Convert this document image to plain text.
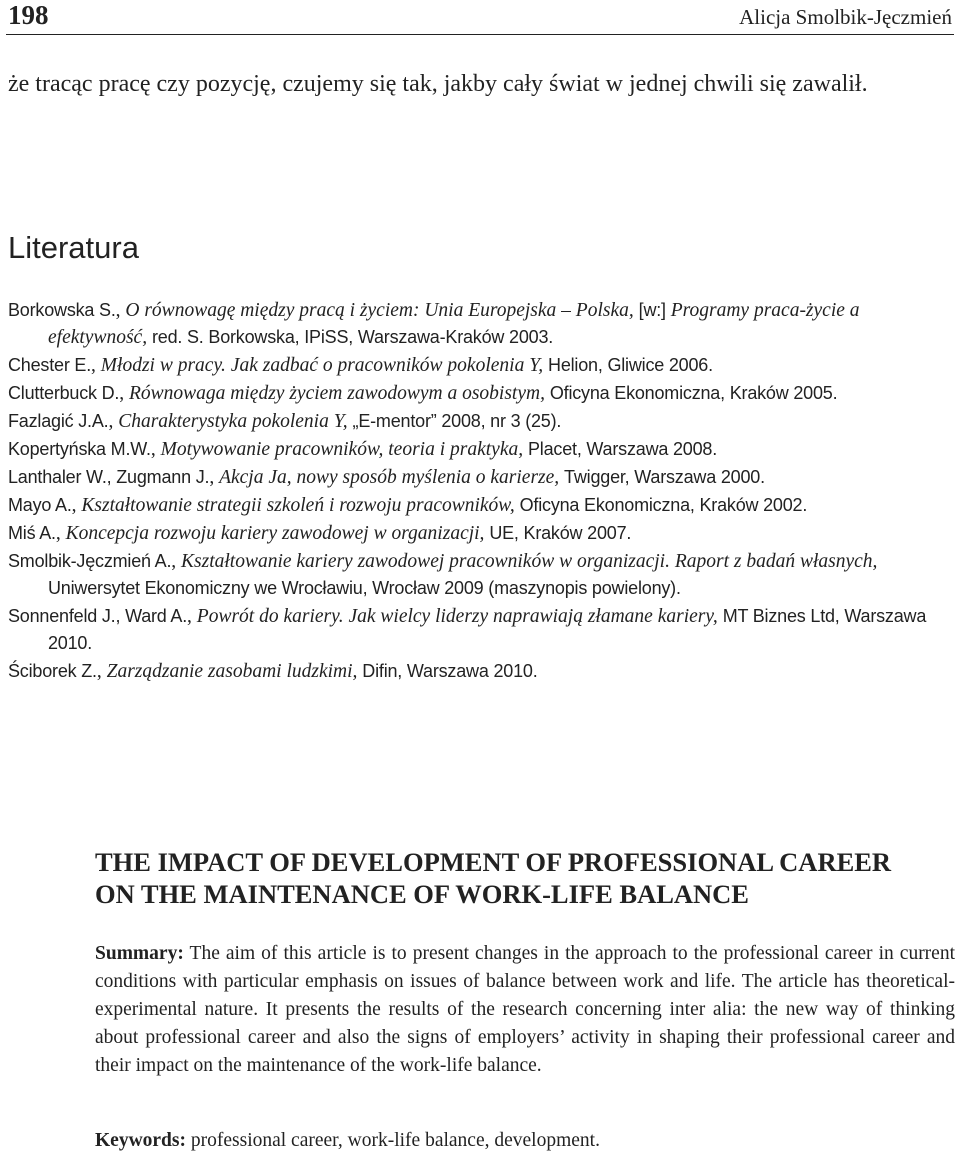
198	Alicja Smolbik-Jęczmień

że tracąc pracę czy pozycję, czujemy się tak, jakby cały świat w jednej chwili się zawalił.

Literatura
Borkowska S., O równowagę między pracą i życiem: Unia Europejska – Polska, [w:] Programy praca-życie a efektywność, red. S. Borkowska, IPiSS, Warszawa-Kraków 2003.
Chester E., Młodzi w pracy. Jak zadbać o pracowników pokolenia Y, Helion, Gliwice 2006.
Clutterbuck D., Równowaga między życiem zawodowym a osobistym, Oficyna Ekonomiczna, Kraków 2005.
Fazlagić J.A., Charakterystyka pokolenia Y, „E-mentor” 2008, nr 3 (25).
Kopertyńska M.W., Motywowanie pracowników, teoria i praktyka, Placet, Warszawa 2008.
Lanthaler W., Zugmann J., Akcja Ja, nowy sposób myślenia o karierze, Twigger, Warszawa 2000.
Mayo A., Kształtowanie strategii szkoleń i rozwoju pracowników, Oficyna Ekonomiczna, Kraków 2002.
Miś A., Koncepcja rozwoju kariery zawodowej w organizacji, UE, Kraków 2007.
Smolbik-Jęczmień A., Kształtowanie kariery zawodowej pracowników w organizacji. Raport z badań własnych, Uniwersytet Ekonomiczny we Wrocławiu, Wrocław 2009 (maszynopis powielony).
Sonnenfeld J., Ward A., Powrót do kariery. Jak wielcy liderzy naprawiają złamane kariery, MT Biznes Ltd, Warszawa 2010.
Ściborek Z., Zarządzanie zasobami ludzkimi, Difin, Warszawa 2010.
THE IMPACT OF DEVELOPMENT OF PROFESSIONAL CAREER
ON THE MAINTENANCE OF WORK-LIFE BALANCE

Summary: The aim of this article is to present changes in the approach to the professional career in current conditions with particular emphasis on issues of balance between work and life. The article has theoretical-experimental nature. It presents the results of the research concerning inter alia: the new way of thinking about professional career and also the signs of employers’ activity in shaping their professional career and their impact on the maintenance of the work-life balance.

Keywords: professional career, work-life balance, development.
